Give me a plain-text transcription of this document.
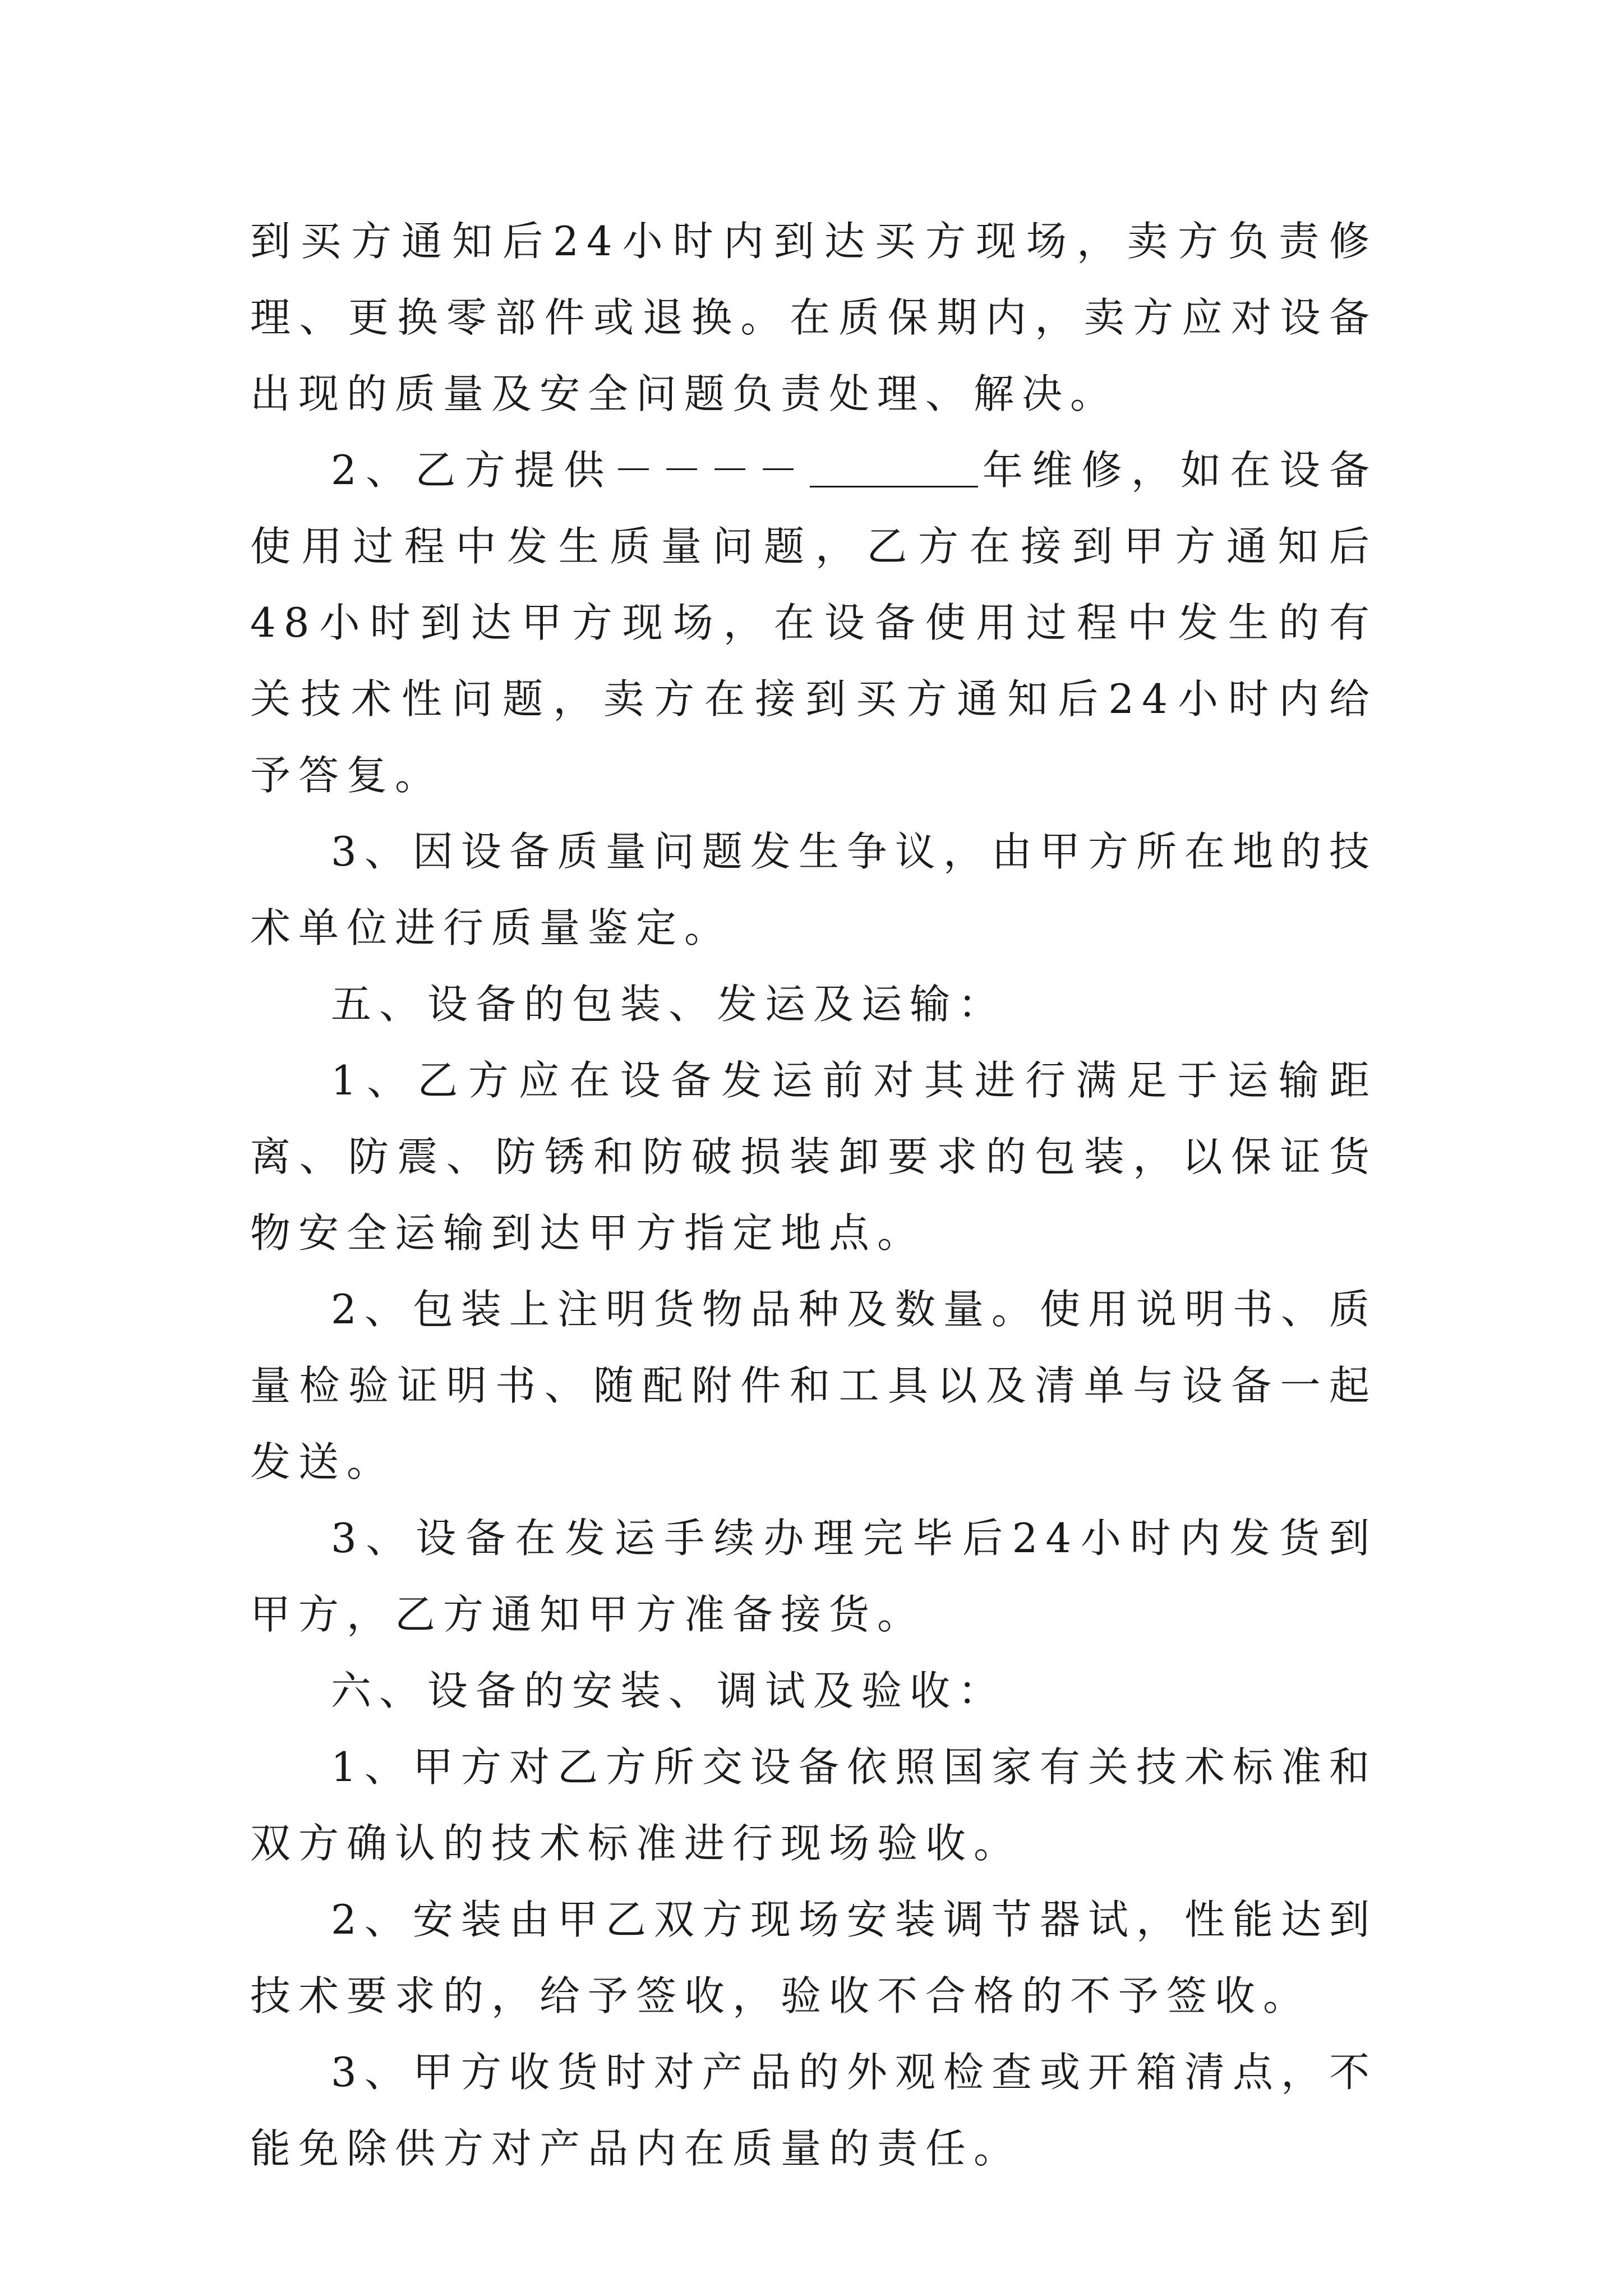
到买方通知后24小时内到达买方现场，卖方负责修理、更换零部件或退换。在质保期内，卖方应对设备出现的质量及安全问题负责处理、解决。

2、乙方提供－－－－	年维修，如在设备使用过程中发生质量问题，乙方在接到甲方通知后48小时到达甲方现场，在设备使用过程中发生的有关技术性问题，卖方在接到买方通知后24小时内给予答复。

3、因设备质量问题发生争议，由甲方所在地的技术单位进行质量鉴定。

五、设备的包装、发运及运输：

1、乙方应在设备发运前对其进行满足于运输距离、防震、防锈和防破损装卸要求的包装，以保证货物安全运输到达甲方指定地点。

2、包装上注明货物品种及数量。使用说明书、质量检验证明书、随配附件和工具以及清单与设备一起发送。

3、设备在发运手续办理完毕后24小时内发货到甲方，乙方通知甲方准备接货。

六、设备的安装、调试及验收：

1、甲方对乙方所交设备依照国家有关技术标准和双方确认的技术标准进行现场验收。

2、安装由甲乙双方现场安装调节器试，性能达到技术要求的，给予签收，验收不合格的不予签收。

3、甲方收货时对产品的外观检查或开箱清点，不能免除供方对产品内在质量的责任。
